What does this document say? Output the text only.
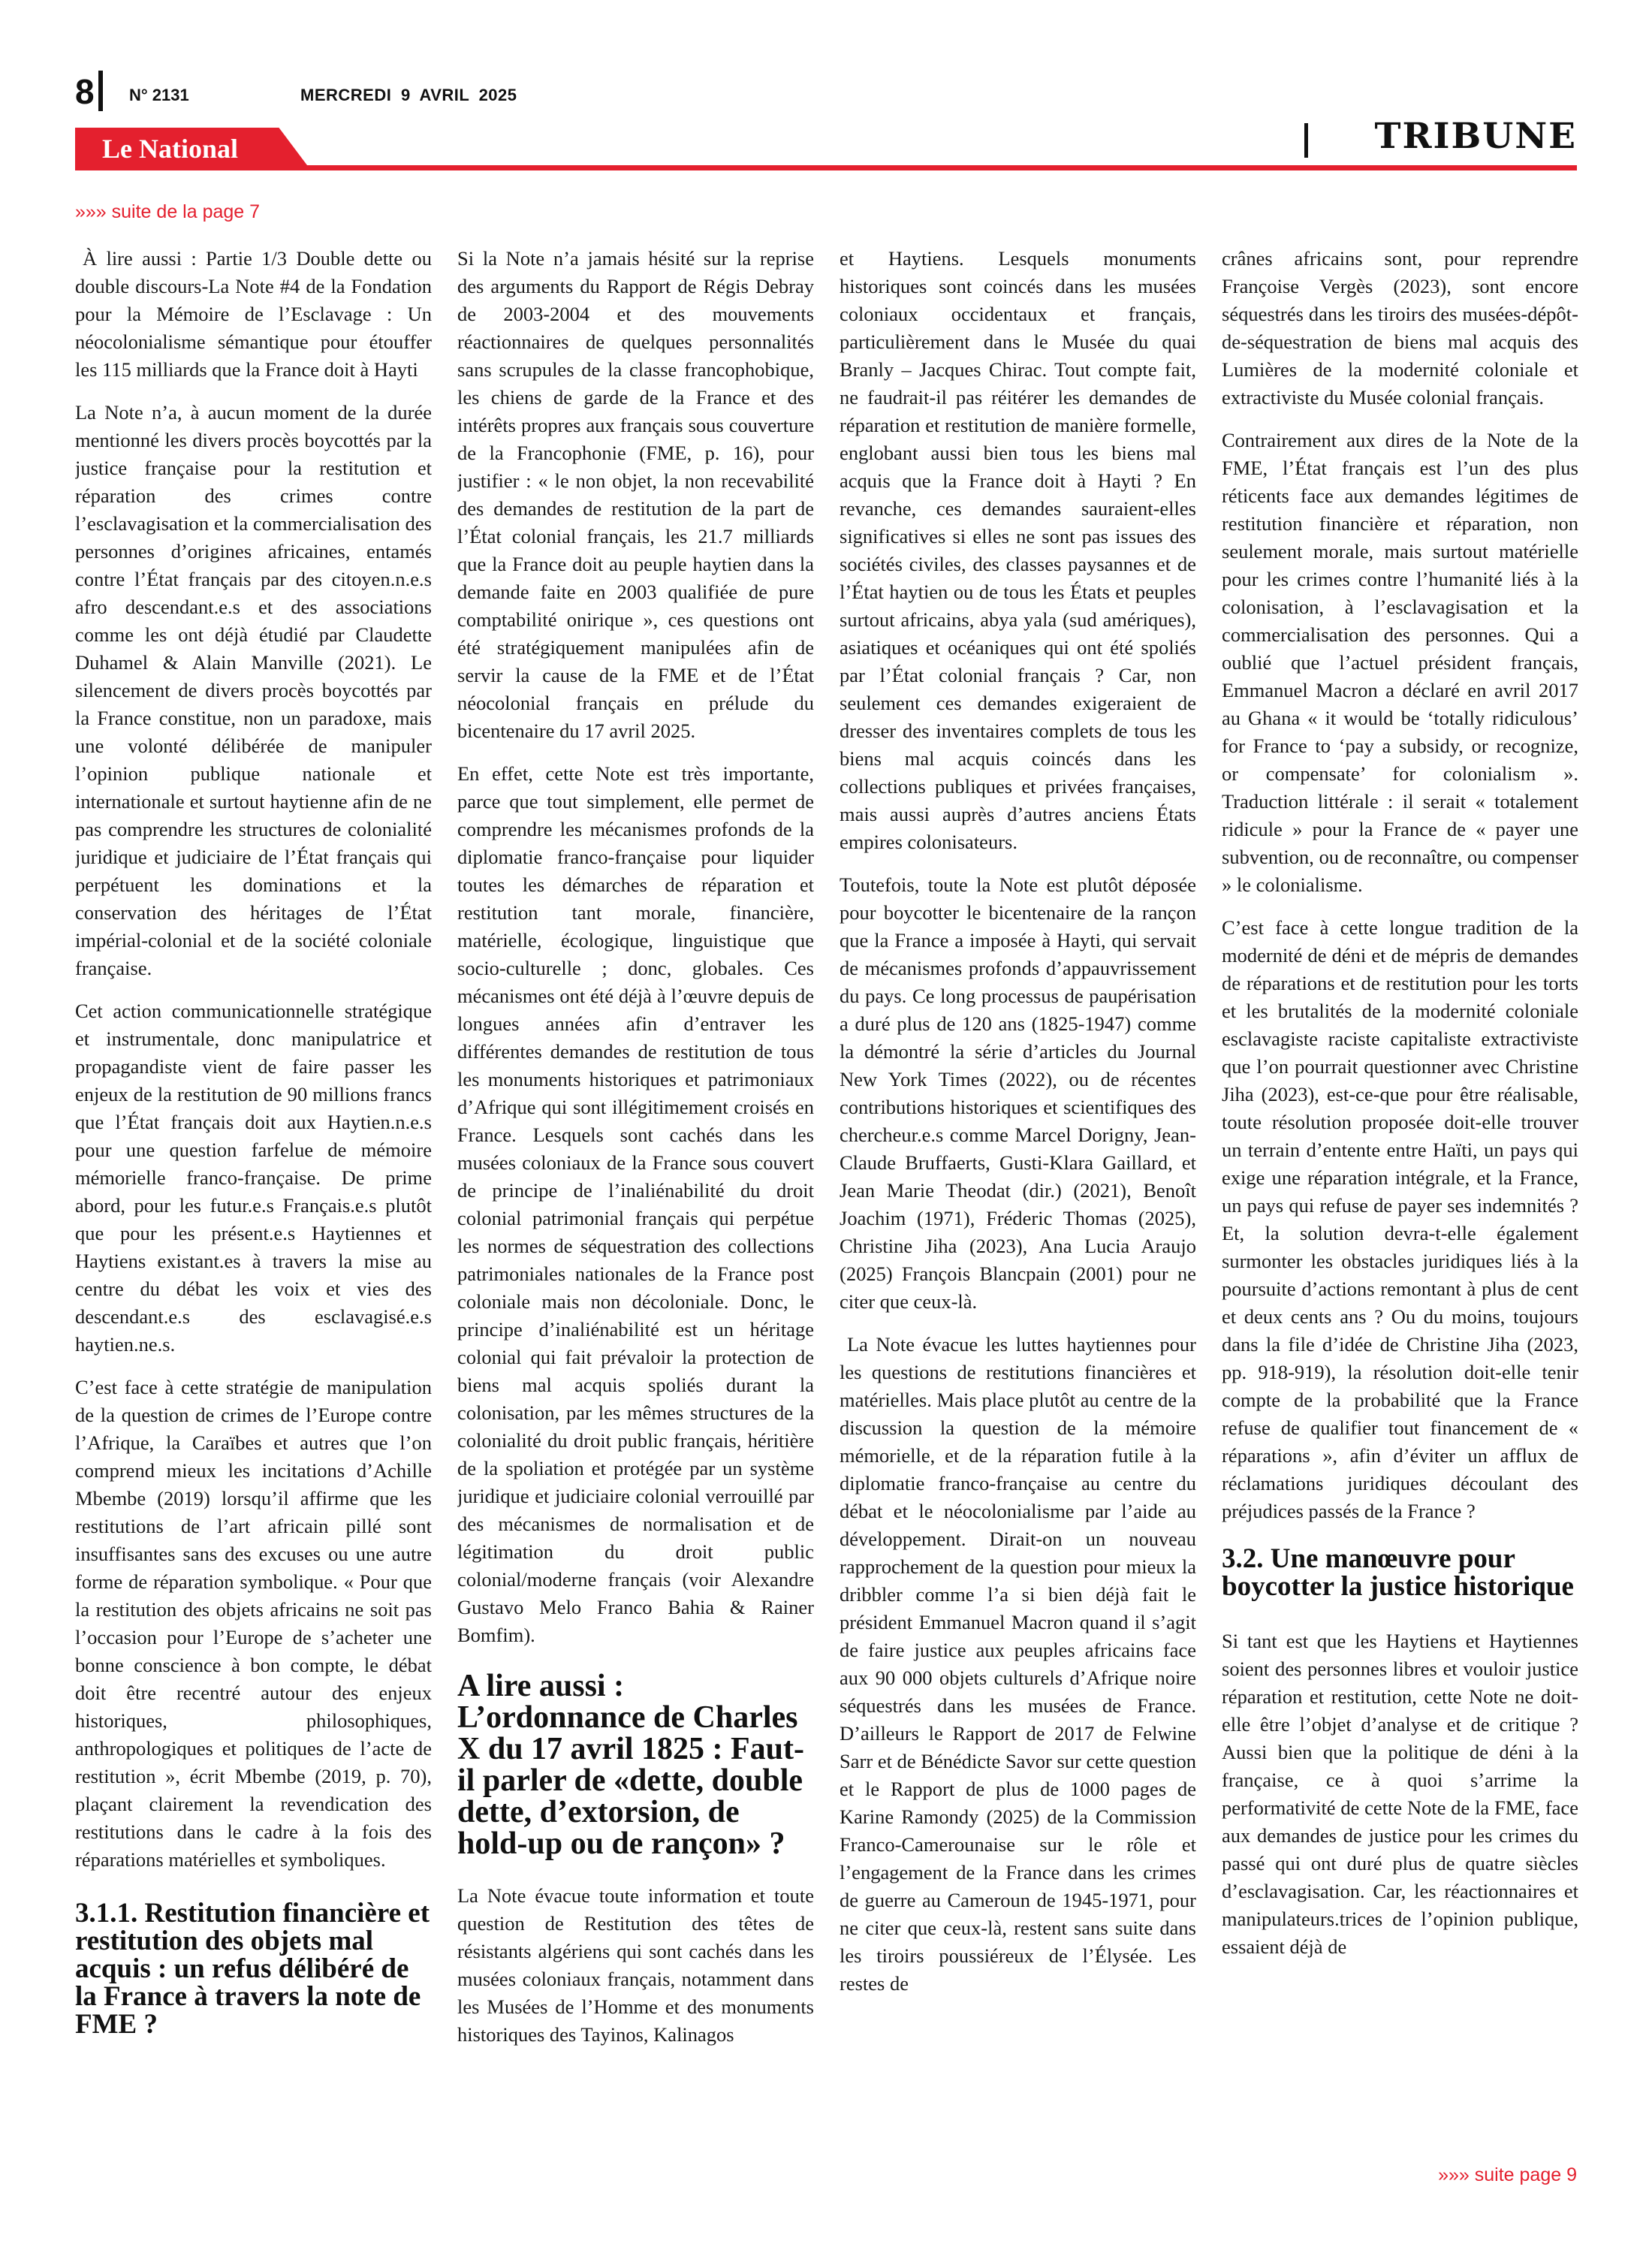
8 N° 2131	MERCREDI 9 AVRIL 2025
Le National	TRIBUNE
»»» suite de la page 7

À lire aussi : Partie 1/3 Double dette ou double discours-La Note #4 de la Fondation pour la Mémoire de l’Esclavage : Un néocolonialisme sémantique pour étouffer les 115 milliards que la France doit à Hayti

La Note n’a, à aucun moment de la durée mentionné les divers procès boycottés par la justice française pour la restitution et réparation des crimes contre l’esclavagisation et la commercialisation des personnes d’origines africaines, entamés contre l’État français par des citoyen.n.e.s afro descendant.e.s et des associations comme les ont déjà étudié par Claudette Duhamel & Alain Manville (2021). Le silencement de divers procès boycottés par la France constitue, non un paradoxe, mais une volonté délibérée de manipuler l’opinion publique nationale et internationale et surtout haytienne afin de ne pas comprendre les structures de colonialité juridique et judiciaire de l’État français qui perpétuent les dominations et la conservation des héritages de l’État impérial-colonial et de la société coloniale française.

Cet action communicationnelle stratégique et instrumentale, donc manipulatrice et propagandiste vient de faire passer les enjeux de la restitution de 90 millions francs que l’État français doit aux Haytien.n.e.s pour une question farfelue de mémoire mémorielle franco-française. De prime abord, pour les futur.e.s Français.e.s plutôt que pour les présent.e.s Haytiennes et Haytiens existant.es à travers la mise au centre du débat les voix et vies des descendant.e.s des esclavagisé.e.s haytien.ne.s.

C’est face à cette stratégie de manipulation de la question de crimes de l’Europe contre l’Afrique, la Caraïbes et autres que l’on comprend mieux les incitations d’Achille Mbembe (2019) lorsqu’il affirme que les restitutions de l’art africain pillé sont insuffisantes sans des excuses ou une autre forme de réparation symbolique. « Pour que la restitution des objets africains ne soit pas l’occasion pour l’Europe de s’acheter une bonne conscience à bon compte, le débat doit être recentré autour des enjeux historiques, philosophiques, anthropologiques et politiques de l’acte de restitution », écrit Mbembe (2019, p. 70), plaçant clairement la revendication des restitutions dans le cadre à la fois des réparations matérielles et symboliques.

3.1.1. Restitution financière et restitution des objets mal acquis : un refus délibéré de la France à travers la note de FME ?

Si la Note n’a jamais hésité sur la reprise des arguments du Rapport de Régis Debray de 2003-2004 et des mouvements réactionnaires de quelques personnalités sans scrupules de la classe francophobique, les chiens de garde de la France et des intérêts propres aux français sous couverture de la Francophonie (FME, p. 16), pour justifier : « le non objet, la non recevabilité des demandes de restitution de la part de l’État colonial français, les 21.7 milliards que la France doit au peuple haytien dans la demande faite en 2003 qualifiée de pure comptabilité onirique », ces questions ont été stratégiquement manipulées afin de servir la cause de la FME et de l’État néocolonial français en prélude du bicentenaire du 17 avril 2025.

En effet, cette Note est très importante, parce que tout simplement, elle permet de comprendre les mécanismes profonds de la diplomatie franco-française pour liquider toutes les démarches de réparation et restitution tant morale, financière, matérielle, écologique, linguistique que socio-culturelle ; donc, globales. Ces mécanismes ont été déjà à l’œuvre depuis de longues années afin d’entraver les différentes demandes de restitution de tous les monuments historiques et patrimoniaux d’Afrique qui sont illégitimement croisés en France. Lesquels sont cachés dans les musées coloniaux de la France sous couvert de principe de l’inaliénabilité du droit colonial patrimonial français qui perpétue les normes de séquestration des collections patrimoniales nationales de la France post coloniale mais non décoloniale. Donc, le principe d’inaliénabilité est un héritage colonial qui fait prévaloir la protection de biens mal acquis spoliés durant la colonisation, par les mêmes structures de la colonialité du droit public français, héritière de la spoliation et protégée par un système juridique et judiciaire colonial verrouillé par des mécanismes de normalisation et de légitimation du droit public colonial/moderne français (voir Alexandre Gustavo Melo Franco Bahia & Rainer Bomfim).

A lire aussi : L’ordonnance de Charles X du 17 avril 1825 : Faut-il parler de «dette, double dette, d’extorsion, de hold-up ou de rançon» ?

La Note évacue toute information et toute question de Restitution des têtes de résistants algériens qui sont cachés dans les musées coloniaux français, notamment dans les Musées de l’Homme et des monuments historiques des Tayinos, Kalinagos

et Haytiens. Lesquels monuments historiques sont coincés dans les musées coloniaux occidentaux et français, particulièrement dans le Musée du quai Branly – Jacques Chirac. Tout compte fait, ne faudrait-il pas réitérer les demandes de réparation et restitution de manière formelle, englobant aussi bien tous les biens mal acquis que la France doit à Hayti ? En revanche, ces demandes sauraient-elles significatives si elles ne sont pas issues des sociétés civiles, des classes paysannes et de l’État haytien ou de tous les États et peuples surtout africains, abya yala (sud amériques), asiatiques et océaniques qui ont été spoliés par l’État colonial français ? Car, non seulement ces demandes exigeraient de dresser des inventaires complets de tous les biens mal acquis coincés dans les collections publiques et privées françaises, mais aussi auprès d’autres anciens États empires colonisateurs.

Toutefois, toute la Note est plutôt déposée pour boycotter le bicentenaire de la rançon que la France a imposée à Hayti, qui servait de mécanismes profonds d’appauvrissement du pays. Ce long processus de paupérisation a duré plus de 120 ans (1825-1947) comme la démontré la série d’articles du Journal New York Times (2022), ou de récentes contributions historiques et scientifiques des chercheur.e.s comme Marcel Dorigny, Jean-Claude Bruffaerts, Gusti-Klara Gaillard, et Jean Marie Theodat (dir.) (2021), Benoît Joachim (1971), Fréderic Thomas (2025), Christine Jiha (2023), Ana Lucia Araujo (2025) François Blancpain (2001) pour ne citer que ceux-là.

La Note évacue les luttes haytiennes pour les questions de restitutions financières et matérielles. Mais place plutôt au centre de la discussion la question de la mémoire mémorielle, et de la réparation futile à la diplomatie franco-française au centre du débat et le néocolonialisme par l’aide au développement. Dirait-on un nouveau rapprochement de la question pour mieux la dribbler comme l’a si bien déjà fait le président Emmanuel Macron quand il s’agit de faire justice aux peuples africains face aux 90 000 objets culturels d’Afrique noire séquestrés dans les musées de France. D’ailleurs le Rapport de 2017 de Felwine Sarr et de Bénédicte Savor sur cette question et le Rapport de plus de 1000 pages de Karine Ramondy (2025) de la Commission Franco-Camerounaise sur le rôle et l’engagement de la France dans les crimes de guerre au Cameroun de 1945-1971, pour ne citer que ceux-là, restent sans suite dans les tiroirs poussiéreux de l’Élysée. Les restes de

crânes africains sont, pour reprendre Françoise Vergès (2023), sont encore séquestrés dans les tiroirs des musées-dépôt-de-séquestration de biens mal acquis des Lumières de la modernité coloniale et extractiviste du Musée colonial français.

Contrairement aux dires de la Note de la FME, l’État français est l’un des plus réticents face aux demandes légitimes de restitution financière et réparation, non seulement morale, mais surtout matérielle pour les crimes contre l’humanité liés à la colonisation, à l’esclavagisation et la commercialisation des personnes. Qui a oublié que l’actuel président français, Emmanuel Macron a déclaré en avril 2017 au Ghana « it would be ‘totally ridiculous’ for France to ‘pay a subsidy, or recognize, or compensate’ for colonialism ». Traduction littérale : il serait « totalement ridicule » pour la France de « payer une subvention, ou de reconnaître, ou compenser » le colonialisme.

C’est face à cette longue tradition de la modernité de déni et de mépris de demandes de réparations et de restitution pour les torts et les brutalités de la modernité coloniale esclavagiste raciste capitaliste extractiviste que l’on pourrait questionner avec Christine Jiha (2023), est-ce-que pour être réalisable, toute résolution proposée doit-elle trouver un terrain d’entente entre Haïti, un pays qui exige une réparation intégrale, et la France, un pays qui refuse de payer ses indemnités ? Et, la solution devra-t-elle également surmonter les obstacles juridiques liés à la poursuite d’actions remontant à plus de cent et deux cents ans ? Ou du moins, toujours dans la file d’idée de Christine Jiha (2023, pp. 918-919), la résolution doit-elle tenir compte de la probabilité que la France refuse de qualifier tout financement de « réparations », afin d’éviter un afflux de réclamations juridiques découlant des préjudices passés de la France ?

3.2. Une manœuvre pour boycotter la justice historique

Si tant est que les Haytiens et Haytiennes soient des personnes libres et vouloir justice réparation et restitution, cette Note ne doit-elle être l’objet d’analyse et de critique ? Aussi bien que la politique de déni à la française, ce à quoi s’arrime la performativité de cette Note de la FME, face aux demandes de justice pour les crimes du passé qui ont duré plus de quatre siècles d’esclavagisation. Car, les réactionnaires et manipulateurs.trices de l’opinion publique, essaient déjà de

»»» suite page 9
